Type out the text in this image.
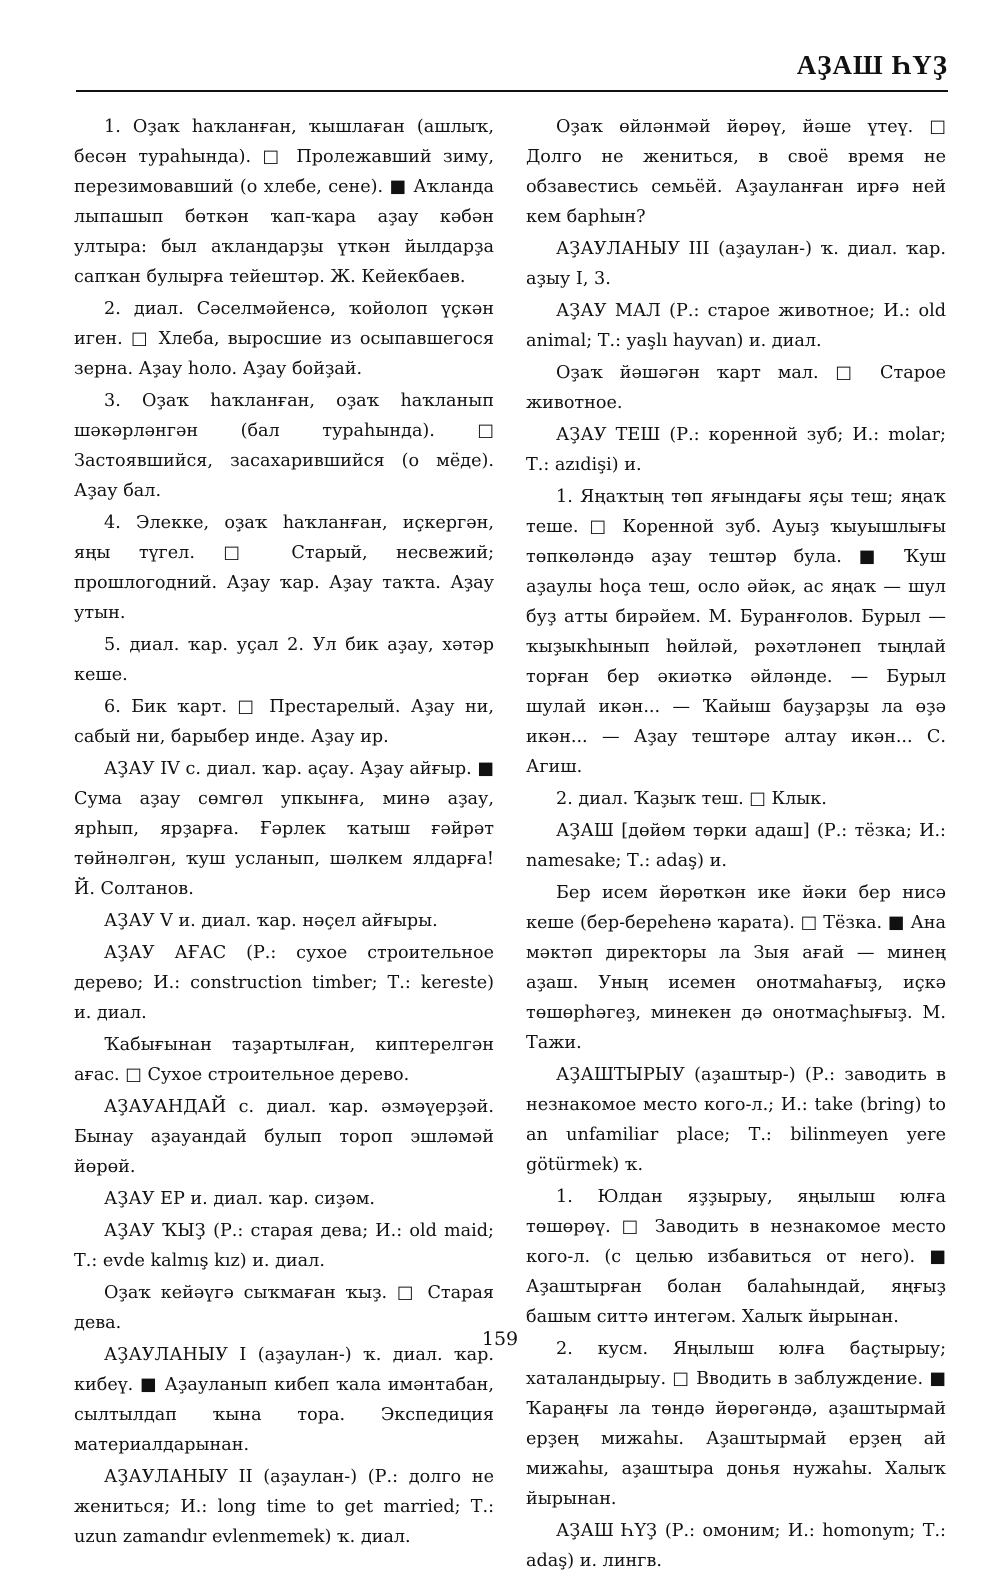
АҘАШ ҺҮҘ

1. Оҙаҡ һаҡланған, ҡышлаған (ашлыҡ, бесән тураһында). □ Пролежавший зиму, перезимовавший (о хлебе, сене). ■ Аҡланда лыпашып бөткән ҡап-ҡара аҙау кәбән ултыра: был аҡландарҙы үткән йылдарҙа сапҡан булырға тейештәр. Ж. Кейекбаев.

2. диал. Сәселмәйенсә, ҡойолоп үҫкән иген. □ Хлеба, выросшие из осыпавшегося зерна. Аҙау һоло. Аҙау бойҙай.

3. Оҙаҡ һаҡланған, оҙаҡ һаҡланып шәкәрләнгән (бал тураһында). □ Застоявшийся, засахарившийся (о мёде). Аҙау бал.

4. Элекке, оҙаҡ һаҡланған, иҫкергән, яңы түгел. □ Старый, несвежий; прошлогодний. Аҙау ҡар. Аҙау таҡта. Аҙау утын.

5. диал. ҡар. уҫал 2. Ул бик аҙау, хәтәр кеше.

6. Бик ҡарт. □ Престарелый. Аҙау ни, сабый ни, барыбер инде. Аҙау ир.

АҘАУ IV с. диал. ҡар. аҫау. Аҙау айғыр. ■ Сума аҙау сөмгөл упкынға, минә аҙау, ярһып, ярҙарға. Ғәрлек ҡатыш ғәйрәт төйнәлгән, ҡуш усланып, шәлкем ялдарға! Й. Солтанов.

АҘАУ V и. диал. ҡар. нәҫел айғыры.

АҘАУ АҒАС (Р.: сухое строительное дерево; И.: construction timber; Т.: kereste) и. диал.

Ҡабығынан таҙартылған, киптерелгән ағас. □ Сухое строительное дерево.

АҘАУАНДАЙ с. диал. ҡар. әзмәүерҙәй. Бынау аҙауандай булып тороп эшләмәй йөрөй.

АҘАУ ЕР и. диал. ҡар. сиҙәм.

АҘАУ ҠЫҘ (Р.: старая дева; И.: old maid; Т.: evde kalmış kız) и. диал.

Оҙаҡ кейәүгә сыҡмаған ҡыҙ. □ Старая дева.

АҘАУЛАНЫУ I (аҙаулан-) ҡ. диал. ҡар. кибеү. ■ Аҙауланып кибеп ҡала имәнтабан, сылтылдап ҡына тора. Экспедиция материалдарынан.

АҘАУЛАНЫУ II (аҙаулан-) (Р.: долго не жениться; И.: long time to get married; Т.: uzun zamandır evlenmemek) ҡ. диал.

Оҙаҡ өйләнмәй йөрөү, йәше үтеү. □ Долго не жениться, в своё время не обзавестись семьёй. Аҙауланған ирғә ней кем барһын?

АҘАУЛАНЫУ III (аҙаулан-) ҡ. диал. ҡар. аҙыу I, 3.

АҘАУ МАЛ (Р.: старое животное; И.: old animal; Т.: yaşlı hayvan) и. диал.

Оҙаҡ йәшәгән ҡарт мал. □ Старое животное.

АҘАУ ТЕШ (Р.: коренной зуб; И.: molar; Т.: azıdişi) и.

1. Яңаҡтың төп яғындағы яҫы теш; яңаҡ теше. □ Коренной зуб. Ауыҙ ҡыуышлығы төпкөләндә аҙау тештәр була. ■ Ҡуш аҙаулы һоҫа теш, осло әйәк, ас яңаҡ — шул буҙ атты бирәйем. М. Буранғолов. Бурыл — ҡыҙыкһынып һөйләй, рәхәтләнеп тыңлай торған бер әкиәткә әйләнде. — Бурыл шулай икән... — Ҡайыш бауҙарҙы ла өҙә икән... — Аҙау тештәре алтау икән... С. Агиш.

2. диал. Ҡаҙыҡ теш. □ Клык.

АҘАШ [дөйөм төрки адаш] (Р.: тёзка; И.: namesake; Т.: adaş) и.

Бер исем йөрөткән ике йәки бер нисә кеше (бер-береһенә ҡарата). □ Тёзка. ■ Ана мәктәп директоры ла Зыя ағай — минең аҙаш. Уның исемен онотмаһағыҙ, иҫкә төшөрһәгеҙ, минекен дә онотмаҫһығыҙ. М. Тажи.

АҘАШТЫРЫУ (аҙаштыр-) (Р.: заводить в незнакомое место кого-л.; И.: take (bring) to an unfamiliar place; Т.: bilinmeyen yere götürmek) ҡ.

1. Юлдан яҙҙырыу, яңылыш юлға төшөрөү. □ Заводить в незнакомое место кого-л. (с целью избавиться от него). ■ Аҙаштырған болан балаһындай, яңғыҙ башым ситтә интегәм. Халыҡ йырынан.

2. кусм. Яңылыш юлға баҫтырыу; хаталандырыу. □ Вводить в заблуждение. ■ Ҡараңғы ла төндә йөрөгәндә, аҙаштырмай ерҙең мижаһы. Аҙаштырмай ерҙең ай мижаһы, аҙаштыра донья нужаһы. Халыҡ йырынан.

АҘАШ ҺҮҘ (Р.: омоним; И.: homonym; Т.: adaş) и. лингв.

159
